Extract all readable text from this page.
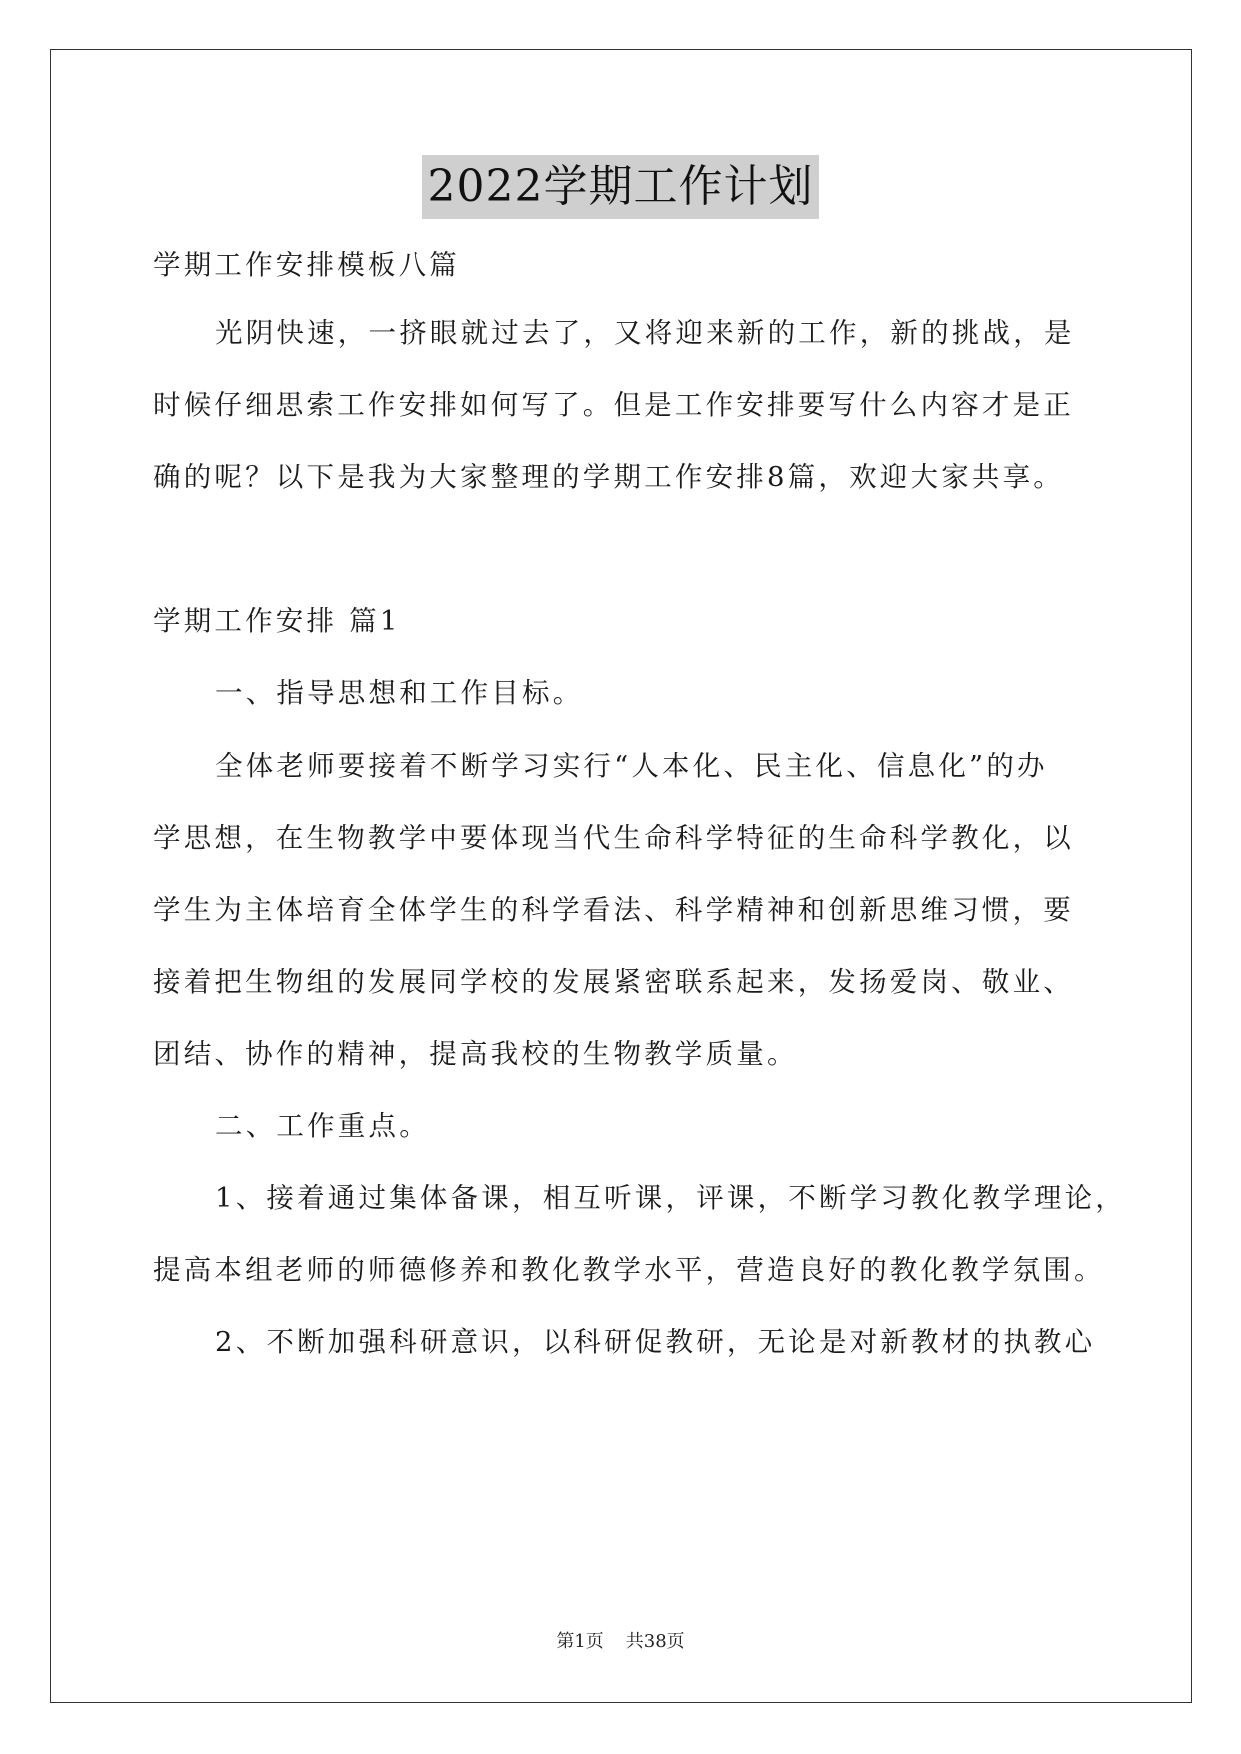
2022学期工作计划
学期工作安排模板八篇
光阴快速，一挤眼就过去了，又将迎来新的工作，新的挑战，是
时候仔细思索工作安排如何写了。但是工作安排要写什么内容才是正
确的呢？以下是我为大家整理的学期工作安排8篇，欢迎大家共享。
学期工作安排 篇1
一、指导思想和工作目标。
全体老师要接着不断学习实行“人本化、民主化、信息化”的办
学思想，在生物教学中要体现当代生命科学特征的生命科学教化，以
学生为主体培育全体学生的科学看法、科学精神和创新思维习惯，要
接着把生物组的发展同学校的发展紧密联系起来，发扬爱岗、敬业、
团结、协作的精神，提高我校的生物教学质量。
二、工作重点。
1、接着通过集体备课，相互听课，评课，不断学习教化教学理论，
提高本组老师的师德修养和教化教学水平，营造良好的教化教学氛围。
2、不断加强科研意识，以科研促教研，无论是对新教材的执教心
第1页 共38页
